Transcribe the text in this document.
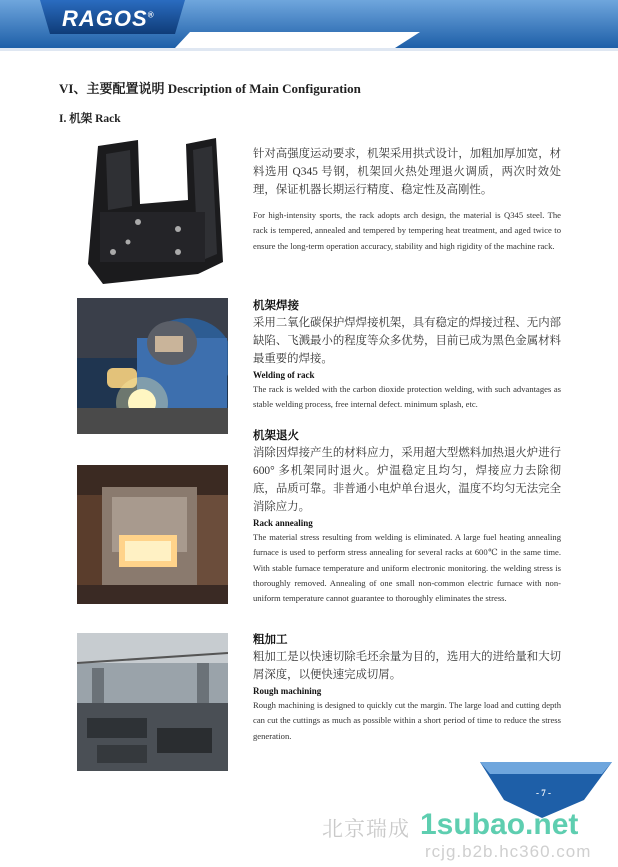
RAGOS®
VI、主要配置说明 Description of Main Configuration
I. 机架 Rack

针对高强度运动要求，机架采用拱式设计，加粗加厚加宽，材料选用 Q345 号钢，机架回火热处理退火调质，两次时效处理，保证机器长期运行精度、稳定性及高刚性。

For high-intensity sports, the rack adopts arch design, the material is Q345 steel. The rack is tempered, annealed and tempered by tempering heat treatment, and aged twice to ensure the long-term operation accuracy, stability and high rigidity of the machine rack.

机架焊接

采用二氧化碳保护焊焊接机架，具有稳定的焊接过程、无内部缺陷、飞溅最小的程度等众多优势，目前已成为黑色金属材料最重要的焊接。

Welding of rack

The rack is welded with the carbon dioxide protection welding, with such advantages as stable welding process, free internal defect. minimum splash, etc.

机架退火

消除因焊接产生的材料应力，采用超大型燃料加热退火炉进行 600° 多机架同时退火。炉温稳定且均匀，焊接应力去除彻底，品质可靠。非普通小电炉单台退火，温度不均匀无法完全消除应力。

Rack annealing

The material stress resulting from welding is eliminated. A large fuel heating annealing furnace is used to perform stress annealing for several racks at 600℃ in the same time. With stable furnace temperature and uniform electronic monitoring. the welding stress is thoroughly removed. Annealing of one small non-common electric furnace with non-uniform temperature cannot guarantee to thoroughly eliminates the stress.

粗加工

粗加工是以快速切除毛坯余量为目的，选用大的进给量和大切屑深度，以便快速完成切屑。

Rough machining

Rough machining is designed to quickly cut the margin. The large load and cutting depth can cut the cuttings as much as possible within a short period of time to reduce the stress generation.

- 7 -
北京瑞成 1subao.net
rcjg.b2b.hc360.com
